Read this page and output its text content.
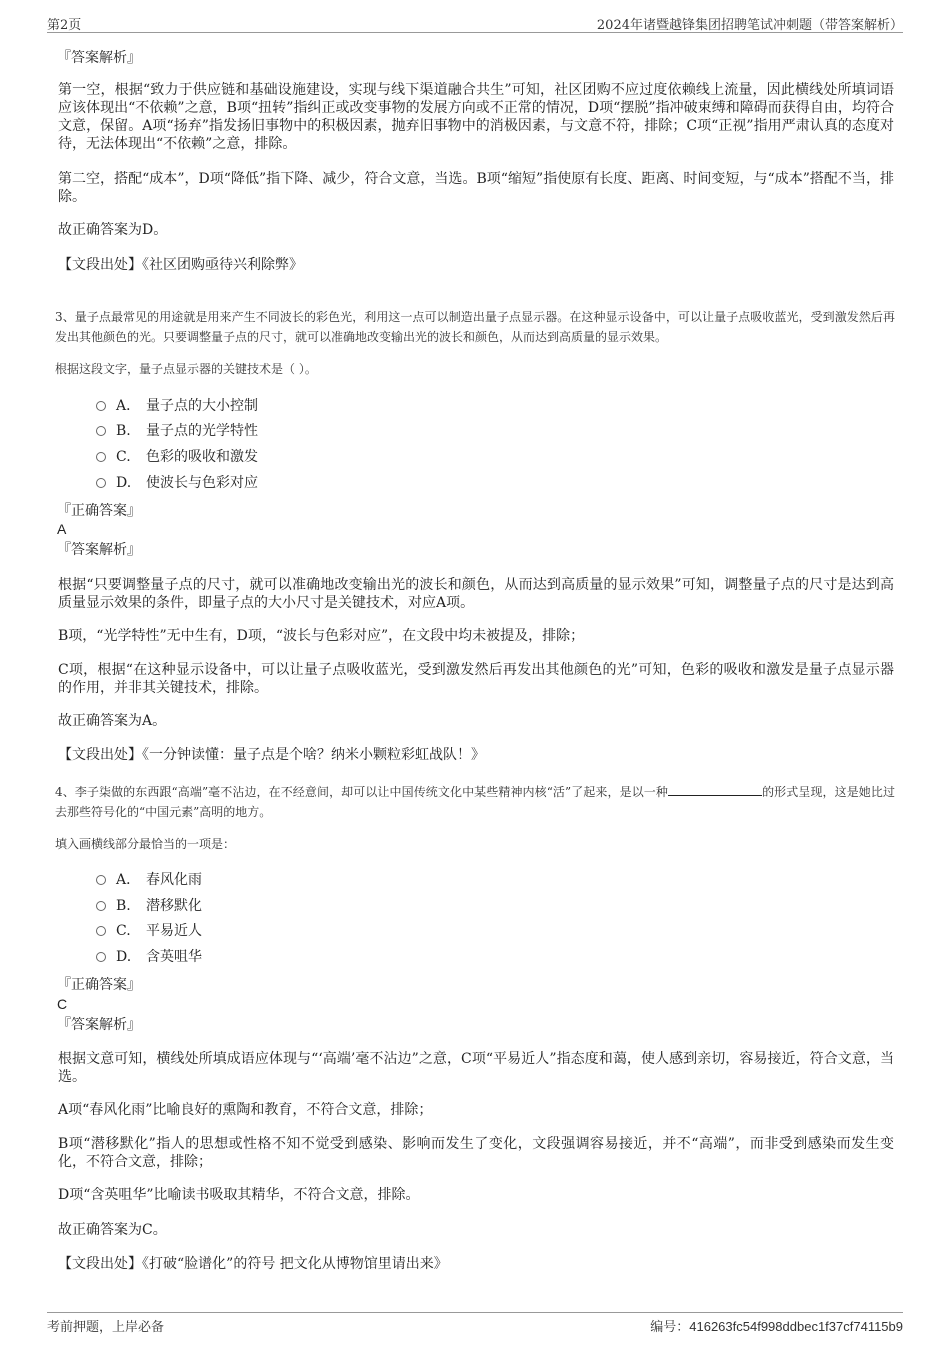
第2页	2024年诸暨越锋集团招聘笔试冲刺题（带答案解析）
『答案解析』
第一空，根据“致力于供应链和基础设施建设，实现与线下渠道融合共生”可知，社区团购不应过度依赖线上流量，因此横线处所填词语应该体现出“不依赖”之意，B项“扭转”指纠正或改变事物的发展方向或不正常的情况，D项“摆脱”指冲破束缚和障碍而获得自由，均符合文意，保留。A项“扬弃”指发扬旧事物中的积极因素，抛弃旧事物中的消极因素，与文意不符，排除；C项“正视”指用严肃认真的态度对待，无法体现出“不依赖”之意，排除。
第二空，搭配“成本”，D项“降低”指下降、减少，符合文意，当选。B项“缩短”指使原有长度、距离、时间变短，与“成本”搭配不当，排除。
故正确答案为D。
【文段出处】《社区团购亟待兴利除弊》
3、量子点最常见的用途就是用来产生不同波长的彩色光，利用这一点可以制造出量子点显示器。在这种显示设备中，可以让量子点吸收蓝光，受到激发然后再发出其他颜色的光。只要调整量子点的尺寸，就可以准确地改变输出光的波长和颜色，从而达到高质量的显示效果。
根据这段文字，量子点显示器的关键技术是（ ）。
A． 量子点的大小控制
B. 量子点的光学特性
C. 色彩的吸收和激发
D. 使波长与色彩对应
『正确答案』
A
『答案解析』
根据“只要调整量子点的尺寸，就可以准确地改变输出光的波长和颜色，从而达到高质量的显示效果”可知，调整量子点的尺寸是达到高质量显示效果的条件，即量子点的大小尺寸是关键技术，对应A项。
B项，“光学特性”无中生有，D项，“波长与色彩对应”，在文段中均未被提及，排除；
C项，根据“在这种显示设备中，可以让量子点吸收蓝光，受到激发然后再发出其他颜色的光”可知，色彩的吸收和激发是量子点显示器的作用，并非其关键技术，排除。
故正确答案为A。
【文段出处】《一分钟读懂：量子点是个啥？纳米小颗粒彩虹战队！》
4、李子柒做的东西跟“高端”毫不沾边，在不经意间，却可以让中国传统文化中某些精神内核“活”了起来，是以一种	的形式呈现，这是她比过去那些符号化的“中国元素”高明的地方。
填入画横线部分最恰当的一项是：
A． 春风化雨
B. 潜移默化
C. 平易近人
D. 含英咀华
『正确答案』
C
『答案解析』
根据文意可知，横线处所填成语应体现与“‘高端’毫不沾边”之意，C项“平易近人”指态度和蔼，使人感到亲切，容易接近，符合文意，当选。
A项“春风化雨”比喻良好的熏陶和教育，不符合文意，排除；
B项“潜移默化”指人的思想或性格不知不觉受到感染、影响而发生了变化，文段强调容易接近，并不“高端”，而非受到感染而发生变化，不符合文意，排除；
D项“含英咀华”比喻读书吸取其精华，不符合文意，排除。
故正确答案为C。
【文段出处】《打破“脸谱化”的符号 把文化从博物馆里请出来》
考前押题，上岸必备	编号：416263fc54f998ddbec1f37cf74115b9
